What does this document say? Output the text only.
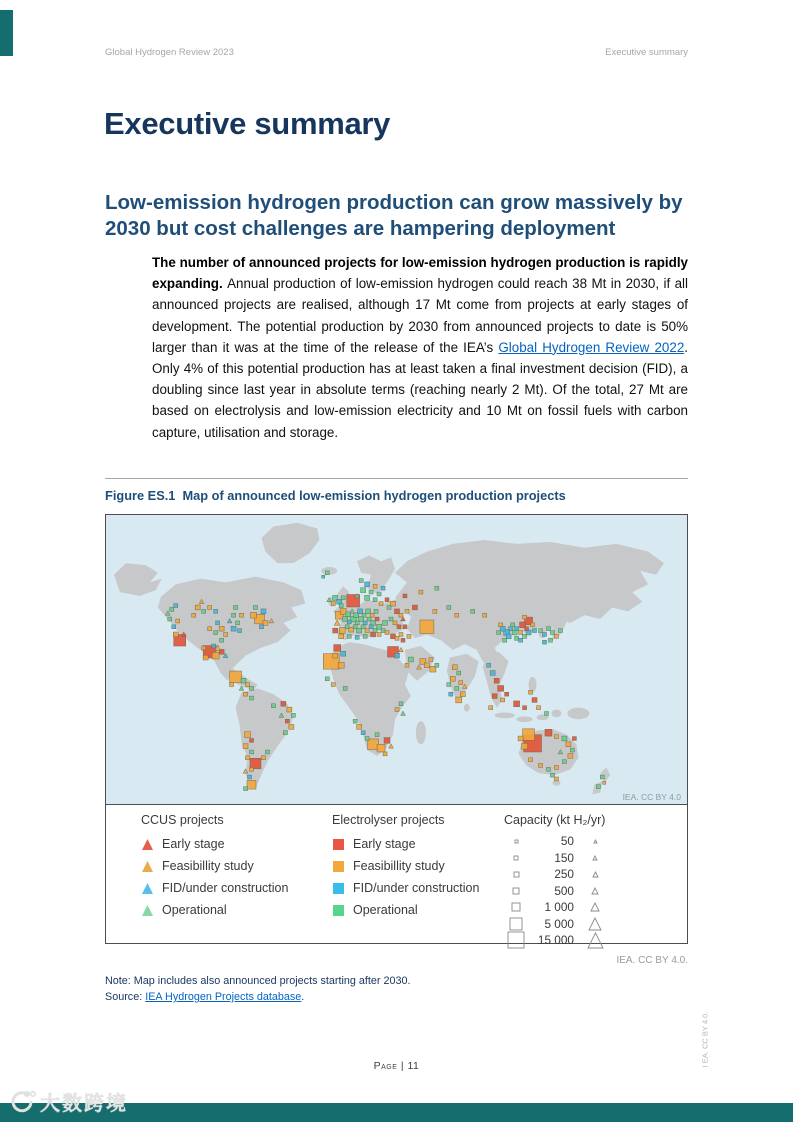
Global Hydrogen Review 2023	Executive summary
Executive summary
Low-emission hydrogen production can grow massively by 2030 but cost challenges are hampering deployment
The number of announced projects for low-emission hydrogen production is rapidly expanding. Annual production of low-emission hydrogen could reach 38 Mt in 2030, if all announced projects are realised, although 17 Mt come from projects at early stages of development. The potential production by 2030 from announced projects to date is 50% larger than it was at the time of the release of the IEA’s Global Hydrogen Review 2022. Only 4% of this potential production has at least taken a final investment decision (FID), a doubling since last year in absolute terms (reaching nearly 2 Mt). Of the total, 27 Mt are based on electrolysis and low-emission electricity and 10 Mt on fossil fuels with carbon capture, utilisation and storage.
Figure ES.1  Map of announced low-emission hydrogen production projects
IEA. CC BY 4.0
CCUS projects
Early stage
Feasibillity study
FID/under construction
Operational
Electrolyser projects
Early stage
Feasibillity study
FID/under construction
Operational
Capacity (kt H₂/yr)
50
150
250
500
1 000
5 000
15 000
IEA. CC BY 4.0.
Note: Map includes also announced projects starting after 2030.
Source: IEA Hydrogen Projects database.
Page | 11	I EA. CC BY 4.0.
大数跨境
